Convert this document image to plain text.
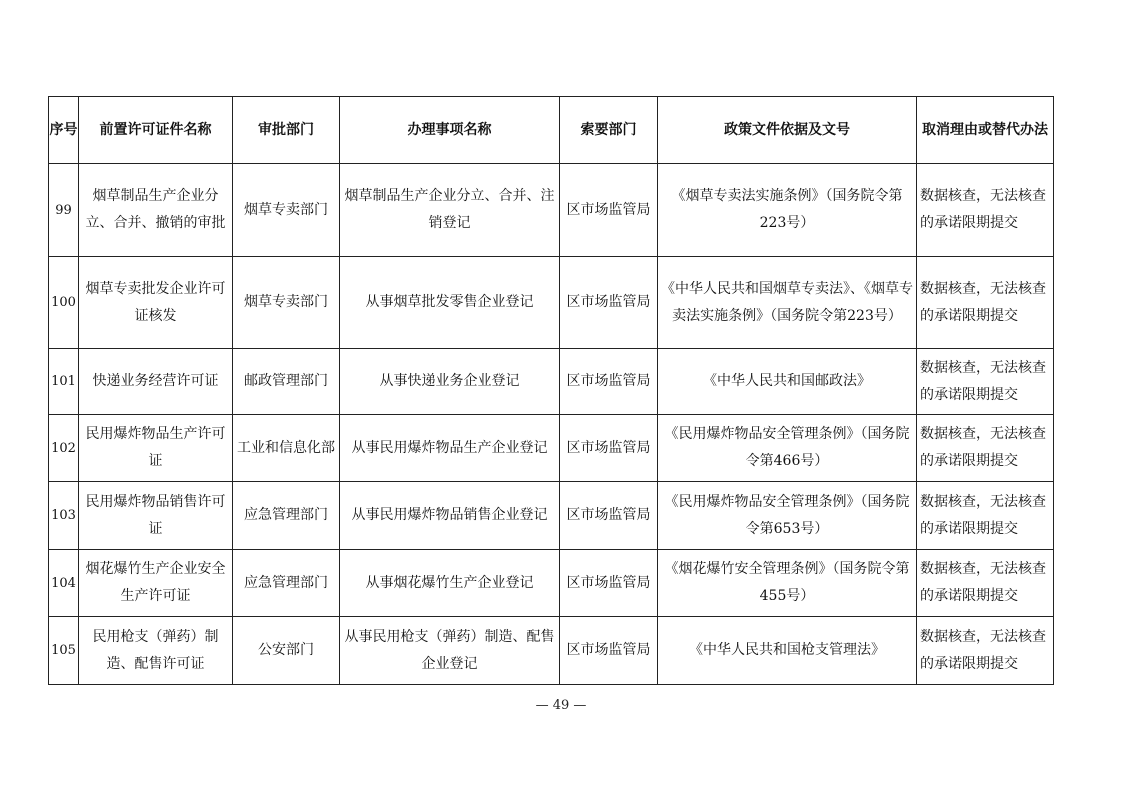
序号	前置许可证件名称	审批部门	办理事项名称	索要部门	政策文件依据及文号	取消理由或替代办法
99	烟草制品生产企业分立、合并、撤销的审批	烟草专卖部门	烟草制品生产企业分立、合并、注销登记	区市场监管局	《烟草专卖法实施条例》（国务院令第223号）	数据核查，无法核查的承诺限期提交
100	烟草专卖批发企业许可证核发	烟草专卖部门	从事烟草批发零售企业登记	区市场监管局	《中华人民共和国烟草专卖法》、《烟草专卖法实施条例》（国务院令第223号）	数据核查，无法核查的承诺限期提交
101	快递业务经营许可证	邮政管理部门	从事快递业务企业登记	区市场监管局	《中华人民共和国邮政法》	数据核查，无法核查的承诺限期提交
102	民用爆炸物品生产许可证	工业和信息化部	从事民用爆炸物品生产企业登记	区市场监管局	《民用爆炸物品安全管理条例》（国务院令第466号）	数据核查，无法核查的承诺限期提交
103	民用爆炸物品销售许可证	应急管理部门	从事民用爆炸物品销售企业登记	区市场监管局	《民用爆炸物品安全管理条例》（国务院令第653号）	数据核查，无法核查的承诺限期提交
104	烟花爆竹生产企业安全生产许可证	应急管理部门	从事烟花爆竹生产企业登记	区市场监管局	《烟花爆竹安全管理条例》（国务院令第455号）	数据核查，无法核查的承诺限期提交
105	民用枪支（弹药）制造、配售许可证	公安部门	从事民用枪支（弹药）制造、配售企业登记	区市场监管局	《中华人民共和国枪支管理法》	数据核查，无法核查的承诺限期提交
— 49 —
